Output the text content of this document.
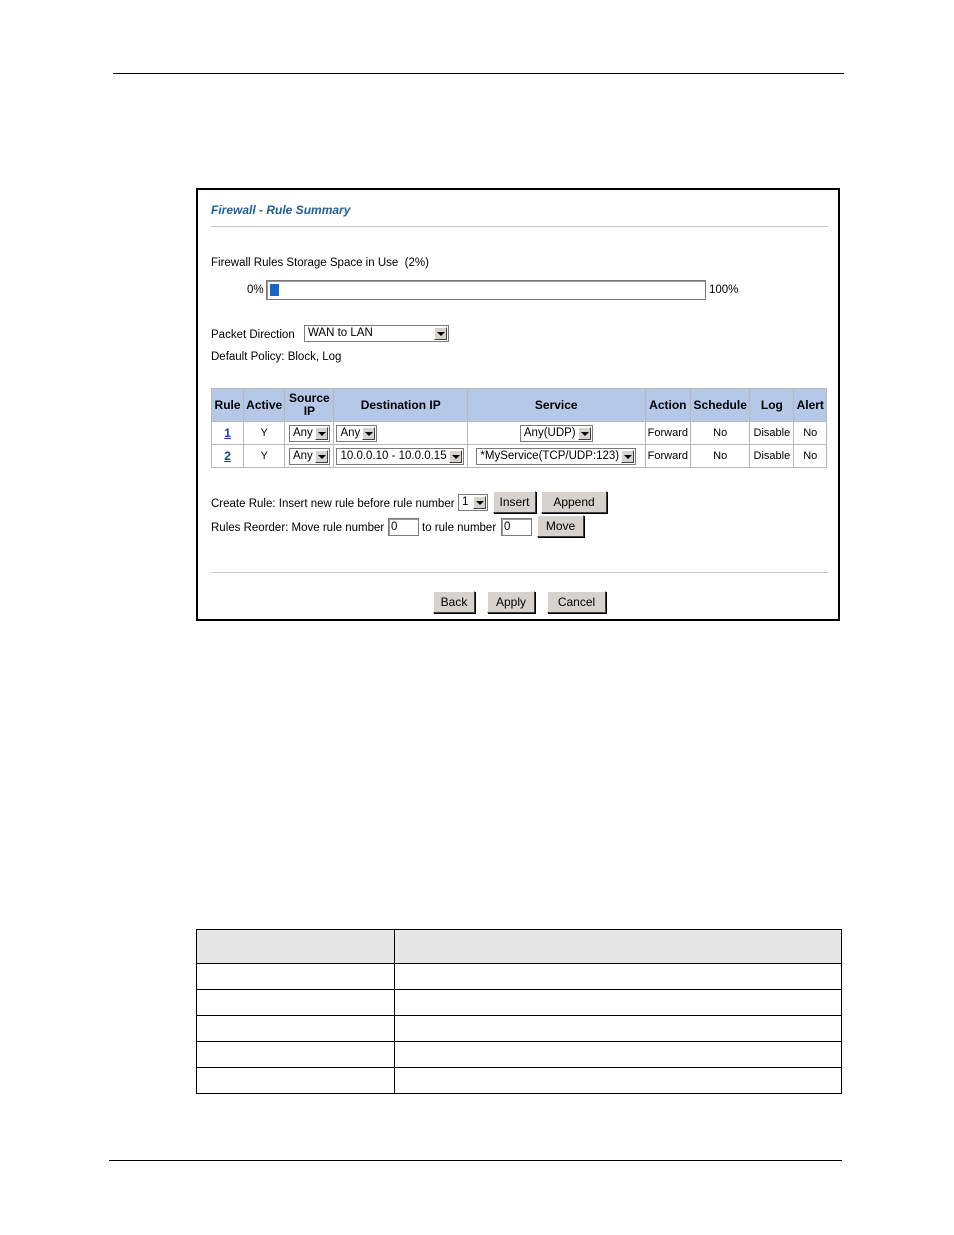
Firewall - Rule Summary
Firewall Rules Storage Space in Use (2%)
0%	100%
Packet Direction WAN to LAN
Default Policy: Block, Log
Rule	Active	Source IP	Destination IP	Service	Action	Schedule	Log	Alert
1	Y	Any	Any	Any(UDP)	Forward	No	Disable	No
2	Y	Any	10.0.0.10 - 10.0.0.15	*MyService(TCP/UDP:123)	Forward	No	Disable	No
Create Rule: Insert new rule before rule number 1	Insert	Append
Rules Reorder: Move rule number 0	to rule number 0	Move
Back	Apply	Cancel
